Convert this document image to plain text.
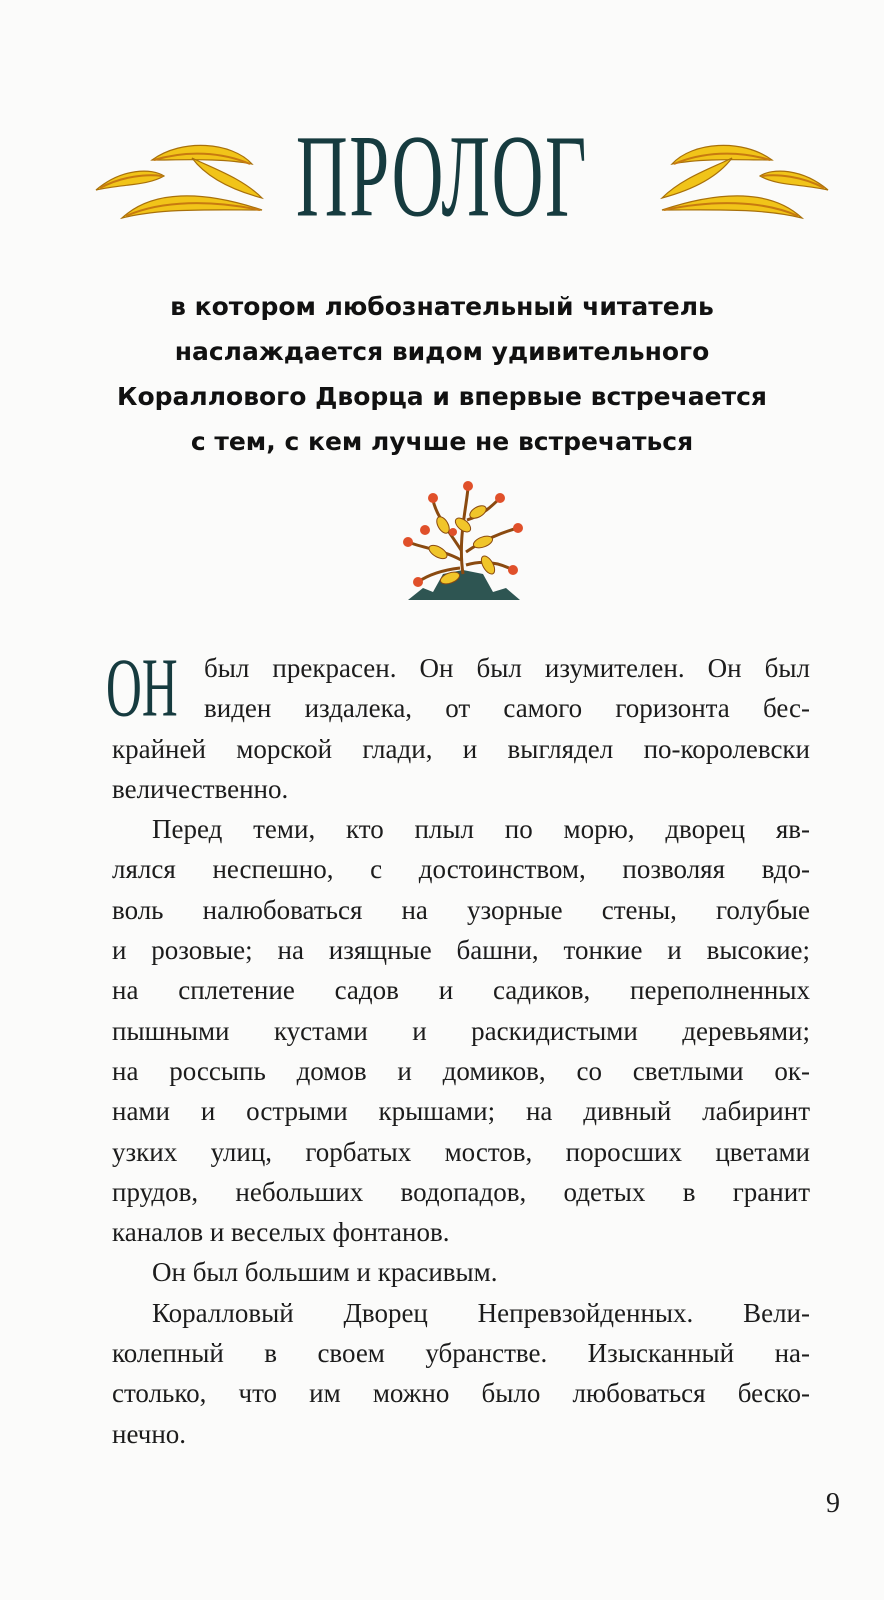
ПРОЛОГ
в котором любознательный читатель
наслаждается видом удивительного
Кораллового Дворца и впервые встречается
с тем, с кем лучше не встречаться
ОН был прекрасен. Он был изумителен. Он был
виден издалека, от самого горизонта бес-
крайней морской глади, и выглядел по-королевски
величественно.
Перед теми, кто плыл по морю, дворец яв-
лялся неспешно, с достоинством, позволяя вдо-
воль налюбоваться на узорные стены, голубые
и розовые; на изящные башни, тонкие и высокие;
на сплетение садов и садиков, переполненных
пышными кустами и раскидистыми деревьями;
на россыпь домов и домиков, со светлыми ок-
нами и острыми крышами; на дивный лабиринт
узких улиц, горбатых мостов, поросших цветами
прудов, небольших водопадов, одетых в гранит
каналов и веселых фонтанов.
Он был большим и красивым.
Коралловый Дворец Непревзойденных. Вели-
колепный в своем убранстве. Изысканный на-
столько, что им можно было любоваться беско-
нечно.
9
